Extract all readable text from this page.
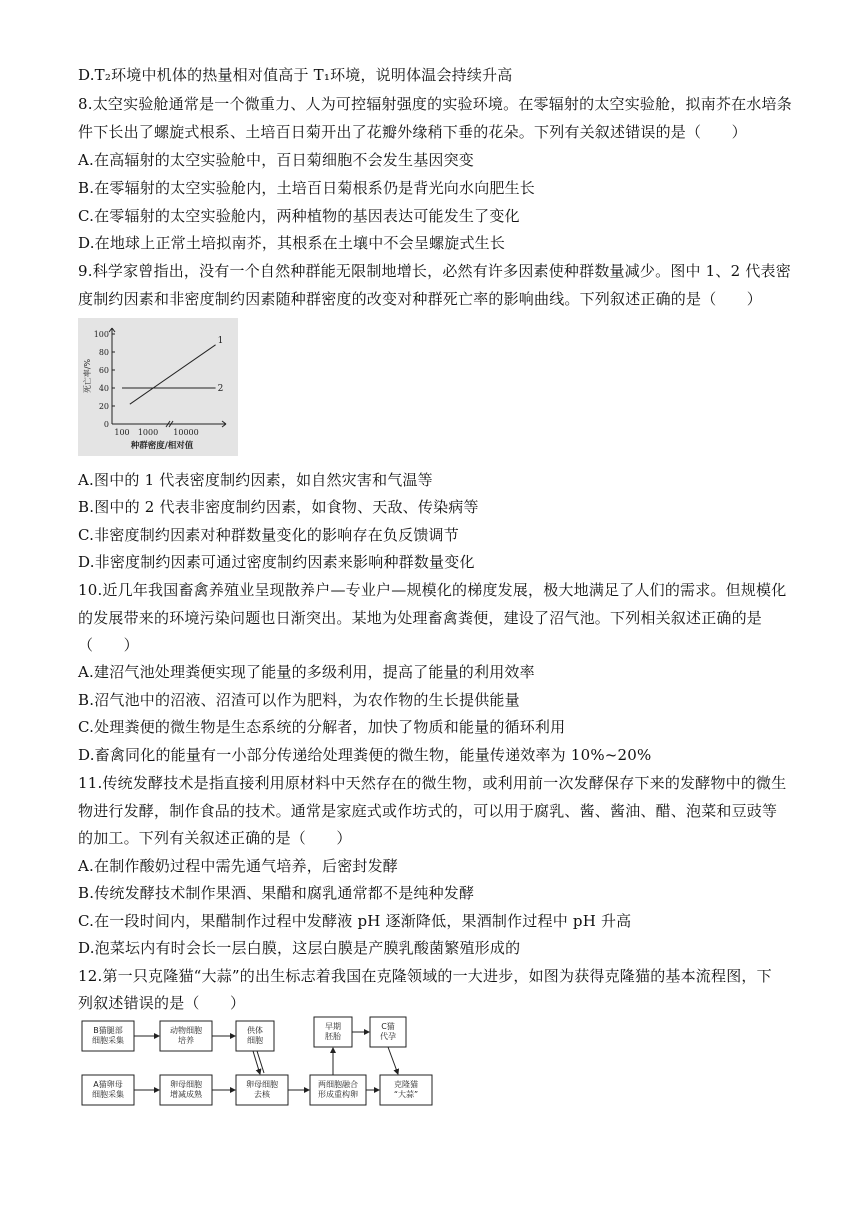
D.T₂环境中机体的热量相对值高于 T₁环境，说明体温会持续升高
8.太空实验舱通常是一个微重力、人为可控辐射强度的实验环境。在零辐射的太空实验舱，拟南芥在水培条
件下长出了螺旋式根系、土培百日菊开出了花瓣外缘稍下垂的花朵。下列有关叙述错误的是（　　）
A.在高辐射的太空实验舱中，百日菊细胞不会发生基因突变
B.在零辐射的太空实验舱内，土培百日菊根系仍是背光向水向肥生长
C.在零辐射的太空实验舱内，两种植物的基因表达可能发生了变化
D.在地球上正常土培拟南芥，其根系在土壤中不会呈螺旋式生长
9.科学家曾指出，没有一个自然种群能无限制地增长，必然有许多因素使种群数量减少。图中 1、2 代表密
度制约因素和非密度制约因素随种群密度的改变对种群死亡率的影响曲线。下列叙述正确的是（　　）
0
20
40
60
80
100
100 1000 10000
1
2
死亡率/%
种群密度/相对值
A.图中的 1 代表密度制约因素，如自然灾害和气温等
B.图中的 2 代表非密度制约因素，如食物、天敌、传染病等
C.非密度制约因素对种群数量变化的影响存在负反馈调节
D.非密度制约因素可通过密度制约因素来影响种群数量变化
10.近几年我国畜禽养殖业呈现散养户—专业户—规模化的梯度发展，极大地满足了人们的需求。但规模化
的发展带来的环境污染问题也日渐突出。某地为处理畜禽粪便，建设了沼气池。下列相关叙述正确的是
（　　）
A.建沼气池处理粪便实现了能量的多级利用，提高了能量的利用效率
B.沼气池中的沼液、沼渣可以作为肥料，为农作物的生长提供能量
C.处理粪便的微生物是生态系统的分解者，加快了物质和能量的循环利用
D.畜禽同化的能量有一小部分传递给处理粪便的微生物，能量传递效率为 10%~20%
11.传统发酵技术是指直接利用原材料中天然存在的微生物，或利用前一次发酵保存下来的发酵物中的微生
物进行发酵，制作食品的技术。通常是家庭式或作坊式的，可以用于腐乳、酱、酱油、醋、泡菜和豆豉等
的加工。下列有关叙述正确的是（　　）
A.在制作酸奶过程中需先通气培养，后密封发酵
B.传统发酵技术制作果酒、果醋和腐乳通常都不是纯种发酵
C.在一段时间内，果醋制作过程中发酵液 pH 逐渐降低，果酒制作过程中 pH 升高
D.泡菜坛内有时会长一层白膜，这层白膜是产膜乳酸菌繁殖形成的
12.第一只克隆猫“大蒜”的出生标志着我国在克隆领域的一大进步，如图为获得克隆猫的基本流程图，下
列叙述错误的是（　　）
B猫腿部细胞采集
动物细胞培养
供体细胞
早期胚胎
C猫代孕
A猫卵母细胞采集
卵母细胞增减成熟
卵母细胞去核
两细胞融合形成重构卵
克隆猫“大蒜”
